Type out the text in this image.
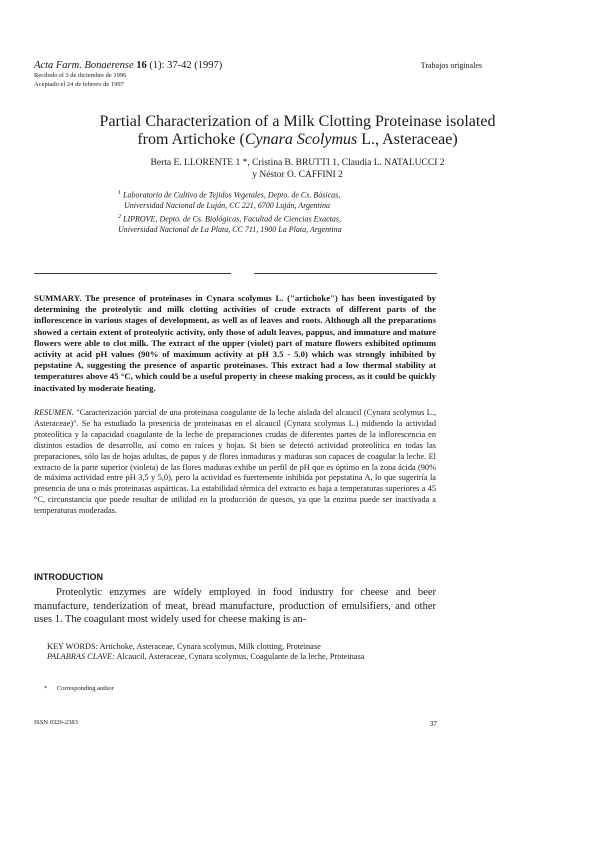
Acta Farm. Bonaerense 16 (1): 37-42 (1997)
Recibido el 3 de diciembre de 1996
Aceptado el 24 de febrero de 1997
Trabajos originales
Partial Characterization of a Milk Clotting Proteinase isolated
from Artichoke (Cynara Scolymus L., Asteraceae)
Berta E. LLORENTE 1 *, Cristina B. BRUTTI 1, Claudia L. NATALUCCI 2
y Néstor O. CAFFINI 2
$^1$ Laboratorio de Cultivo de Tejidos Vegetales, Depto. de Cs. Básicas,
Universidad Nacional de Luján, CC 221, 6700 Luján, Argentina
$^2$ LIPROVE, Depto. de Cs. Biológicas, Facultad de Ciencias Exactas,
Universidad Nacional de La Plata, CC 711, 1900 La Plata, Argentina
SUMMARY. The presence of proteinases in Cynara scolymus L. ("artichoke") has been investigated by determining the proteolytic and milk clotting activities of crude extracts of different parts of the inflorescence in various stages of development, as well as of leaves and roots. Although all the preparations showed a certain extent of proteolytic activity, only those of adult leaves, pappus, and immature and mature flowers were able to clot milk. The extract of the upper (violet) part of mature flowers exhibited optimum activity at acid pH values (90% of maximum activity at pH 3.5 - 5.0) which was strongly inhibited by pepstatine A, suggesting the presence of aspartic proteinases. This extract had a low thermal stability at temperatures above 45 °C, which could be a useful property in cheese making process, as it could be quickly inactivated by moderate heating.
RESUMEN. "Caracterización parcial de una proteinasa coagulante de la leche aislada del alcaucil (Cynara scolymus L., Asteraceae)". Se ha estudiado la presencia de proteinasas en el alcaucil (Cynara scolymus L.) midiendo la actividad proteolítica y la capacidad coagulante de la leche de preparaciones crudas de diferentes partes de la inflorescencia en distintos estadíos de desarrollo, así como en raíces y hojas. Si bien se detectó actividad proteolítica en todas las preparaciones, sólo las de hojas adultas, de papus y de flores inmaduras y maduras son capaces de coagular la leche. El extracto de la parte superior (violeta) de las flores maduras exhibe un perfil de pH que es óptimo en la zona ácida (90% de máxima actividad entre pH 3,5 y 5,0), pero la actividad es fuertemente inhibida por pepstatina A, lo que sugeriría la presencia de una o más proteinasas aspárticas. La estabilidad térmica del extracto es baja a temperaturas superiores a 45 °C, circunstancia que puede resultar de utilidad en la producción de quesos, ya que la enzima puede ser inactivada a temperaturas moderadas.
INTRODUCTION
Proteolytic enzymes are widely employed in food industry for cheese and beer manufacture, tenderization of meat, bread manufacture, production of emulsifiers, and other uses 1. The coagulant most widely used for cheese making is an-
KEY WORDS: Artichoke, Asteraceae, Cynara scolymus, Milk clotting, Proteinase
PALABRAS CLAVE: Alcaucil, Asteraceae, Cynara scolymus, Coagulante de la leche, Proteinasa
* Corresponding author
ISSN 0326-2383	37
